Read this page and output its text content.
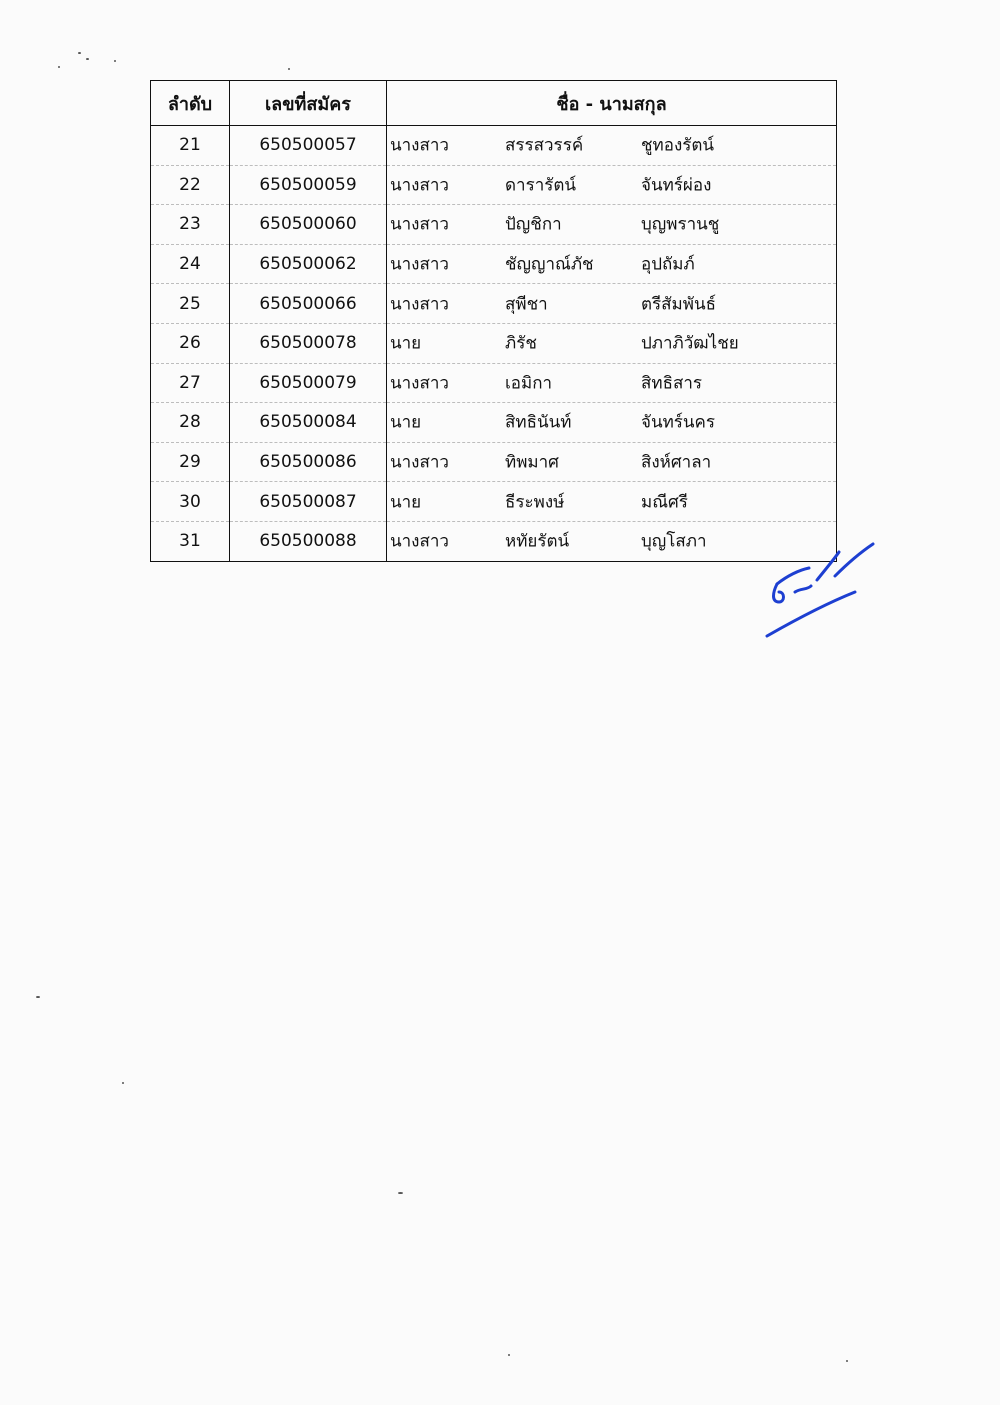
ลำดับ	เลขที่สมัคร	ชื่อ - นามสกุล
21	650500057	นางสาว สรรสวรรค์ ชูทองรัตน์

22	650500059	นางสาว ดารารัตน์ จันทร์ผ่อง

23	650500060	นางสาว ปัญชิกา บุญพรานชู

24	650500062	นางสาว ชัญญาณ์ภัช อุปถัมภ์

25	650500066	นางสาว สุพีชา ตรีสัมพันธ์

26	650500078	นาย ภิรัช ปภาภิวัฒไชย

27	650500079	นางสาว เอมิกา สิทธิสาร

28	650500084	นาย สิทธินันท์ จันทร์นคร

29	650500086	นางสาว ทิพมาศ สิงห์ศาลา

30	650500087	นาย ธีระพงษ์ มณีศรี

31	650500088	นางสาว หทัยรัตน์ บุญโสภา
